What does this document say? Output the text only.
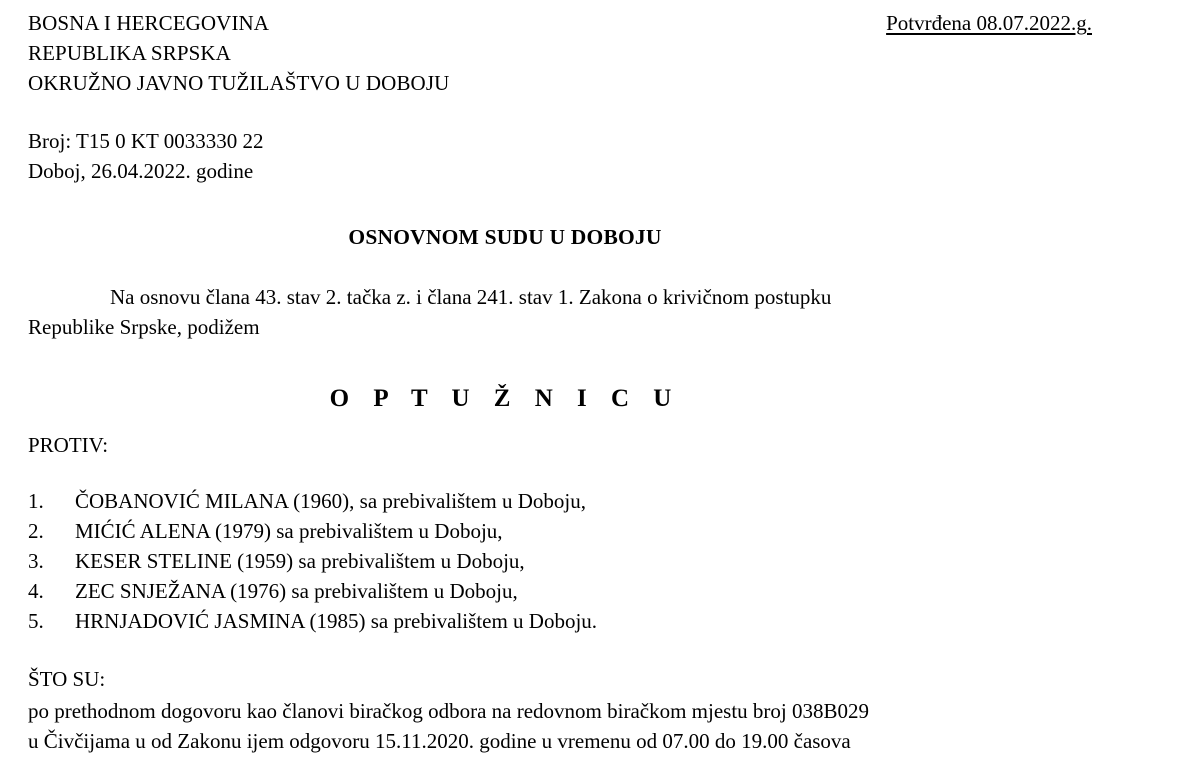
BOSNA I HERCEGOVINA
REPUBLIKA SRPSKA
OKRUŽNO JAVNO TUŽILAŠTVO U DOBOJU
Potvrđena 08.07.2022.g.
Broj: T15 0 KT 0033330 22
Doboj, 26.04.2022. godine
OSNOVNOM SUDU U DOBOJU
Na osnovu člana 43. stav 2. tačka z. i člana 241. stav 1. Zakona o krivičnom postupku
Republike Srpske, podižem
O P T U Ž N I C U
PROTIV:
1.	ČOBANOVIĆ MILANA (1960), sa prebivalištem u Doboju,
2.	MIĆIĆ ALENA (1979) sa prebivalištem u Doboju,
3.	KESER STELINE (1959) sa prebivalištem u Doboju,
4.	ZEC SNJEŽANA (1976) sa prebivalištem u Doboju,
5.	HRNJADOVIĆ JASMINA (1985) sa prebivalištem u Doboju.
ŠTO SU:
po prethodnom dogovoru kao članovi biračkog odbora na redovnom biračkom mjestu broj 038B029
u Čivčijama u od Zakonu ijem odgovoru 15.11.2020. godine u vremenu od 07.00 do 19.00 časova
